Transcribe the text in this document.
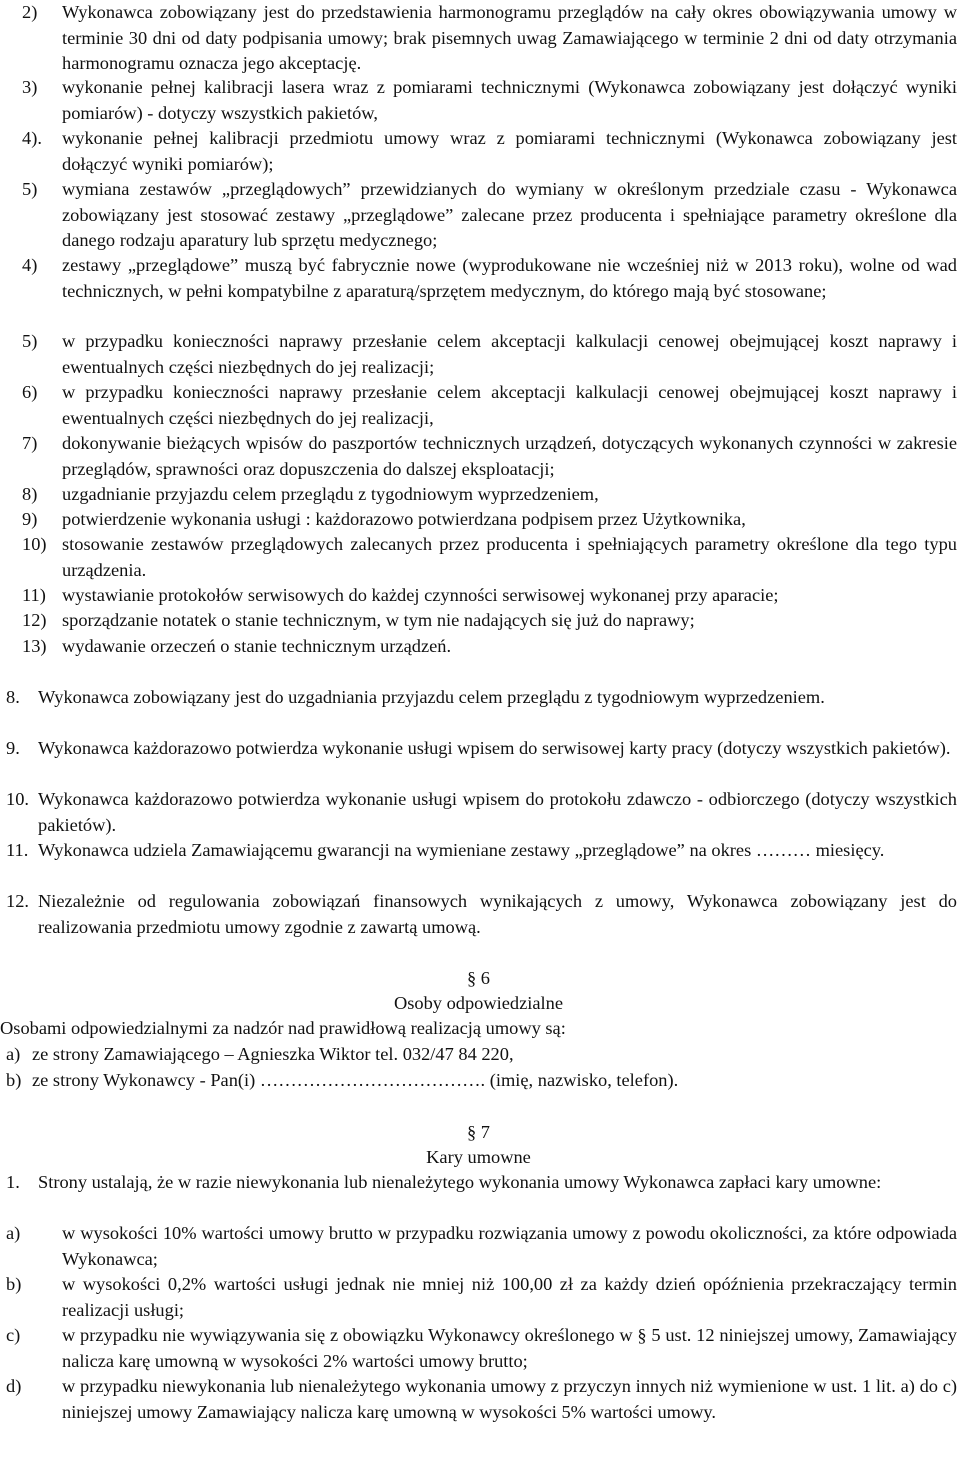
2)	Wykonawca zobowiązany jest do przedstawienia harmonogramu przeglądów na cały okres obowiązywania umowy w terminie 30 dni od daty podpisania umowy; brak pisemnych uwag Zamawiającego w terminie 2 dni od daty otrzymania harmonogramu oznacza jego akceptację.
3)	wykonanie pełnej kalibracji lasera wraz z pomiarami technicznymi (Wykonawca zobowiązany jest dołączyć wyniki pomiarów) - dotyczy wszystkich pakietów,
4).	wykonanie pełnej kalibracji przedmiotu umowy wraz z pomiarami technicznymi (Wykonawca zobowiązany jest dołączyć wyniki pomiarów);
5)	wymiana zestawów „przeglądowych” przewidzianych do wymiany w określonym przedziale czasu - Wykonawca zobowiązany jest stosować zestawy „przeglądowe” zalecane przez producenta i spełniające parametry określone dla danego rodzaju aparatury lub sprzętu medycznego;
4)	zestawy „przeglądowe” muszą być fabrycznie nowe (wyprodukowane nie wcześniej niż w 2013 roku), wolne od wad technicznych, w pełni kompatybilne z aparaturą/sprzętem medycznym, do którego mają być stosowane;
5)	w przypadku konieczności naprawy przesłanie celem akceptacji kalkulacji cenowej obejmującej koszt naprawy i ewentualnych części niezbędnych do jej realizacji;
6)	w przypadku konieczności naprawy przesłanie celem akceptacji kalkulacji cenowej obejmującej koszt naprawy i ewentualnych części niezbędnych do jej realizacji,
7)	dokonywanie bieżących wpisów do paszportów technicznych urządzeń, dotyczących wykonanych czynności w zakresie przeglądów, sprawności oraz dopuszczenia do dalszej eksploatacji;
8)	uzgadnianie przyjazdu celem przeglądu z tygodniowym wyprzedzeniem,
9)	potwierdzenie wykonania usługi : każdorazowo potwierdzana podpisem przez Użytkownika,
10) stosowanie zestawów przeglądowych zalecanych przez producenta i spełniających parametry określone dla tego typu urządzenia.
11) wystawianie protokołów serwisowych do każdej czynności serwisowej wykonanej przy aparacie;
12) sporządzanie notatek o stanie technicznym, w tym nie nadających się już do naprawy;
13) wydawanie orzeczeń o stanie technicznym urządzeń.
8. Wykonawca zobowiązany jest do uzgadniania przyjazdu celem przeglądu z tygodniowym wyprzedzeniem.
9. Wykonawca każdorazowo potwierdza wykonanie usługi wpisem do serwisowej karty pracy (dotyczy wszystkich pakietów).
10. Wykonawca każdorazowo potwierdza wykonanie usługi wpisem do protokołu zdawczo - odbiorczego (dotyczy wszystkich pakietów).
11. Wykonawca udziela Zamawiającemu gwarancji na wymieniane zestawy „przeglądowe” na okres ……… miesięcy.
12. Niezależnie od regulowania zobowiązań finansowych wynikających z umowy, Wykonawca zobowiązany jest do realizowania przedmiotu umowy zgodnie z zawartą umową.
§ 6
Osoby odpowiedzialne
Osobami odpowiedzialnymi za nadzór nad prawidłową realizacją umowy są:
a) ze strony Zamawiającego – Agnieszka Wiktor tel. 032/47 84 220,
b) ze strony Wykonawcy - Pan(i) ………………………………. (imię, nazwisko, telefon).
§ 7
Kary umowne
1. Strony ustalają, że w razie niewykonania lub nienależytego wykonania umowy Wykonawca zapłaci kary umowne:
a)	w wysokości 10% wartości umowy brutto w przypadku rozwiązania umowy z powodu okoliczności, za które odpowiada Wykonawca;
b)	w wysokości 0,2% wartości usługi jednak nie mniej niż 100,00 zł za każdy dzień opóźnienia przekraczający termin realizacji usługi;
c)	w przypadku nie wywiązywania się z obowiązku Wykonawcy określonego w § 5 ust. 12 niniejszej umowy, Zamawiający nalicza karę umowną w wysokości 2% wartości umowy brutto;
d)	w przypadku niewykonania lub nienależytego wykonania umowy z przyczyn innych niż wymienione w ust. 1 lit. a) do c) niniejszej umowy Zamawiający nalicza karę umowną w wysokości 5% wartości umowy.
